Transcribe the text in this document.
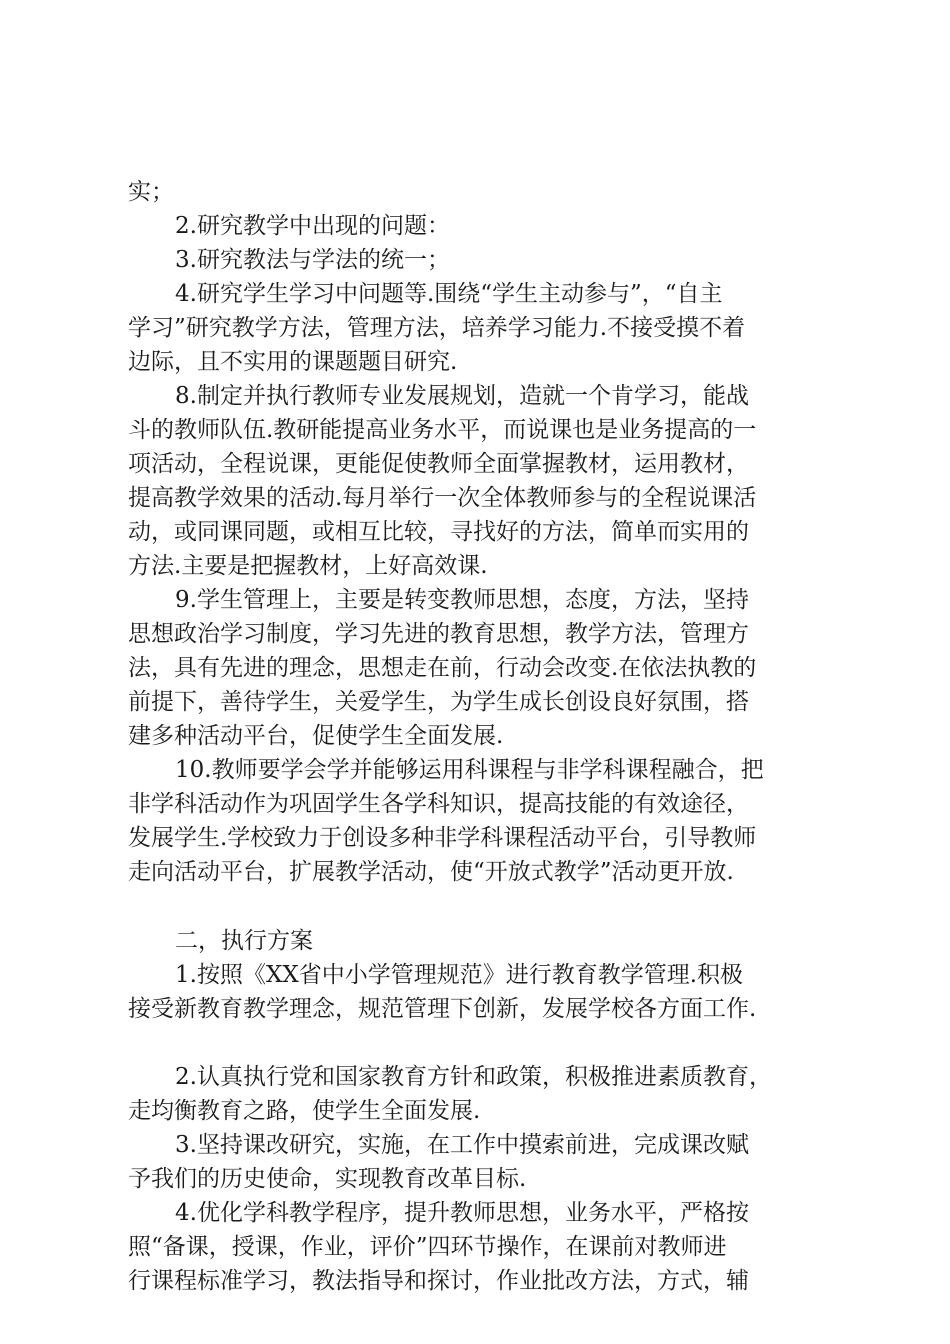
实；
2.研究教学中出现的问题：
3.研究教法与学法的统一；
4.研究学生学习中问题等.围绕“学生主动参与”，“自主
学习”研究教学方法，管理方法，培养学习能力.不接受摸不着
边际，且不实用的课题题目研究.
8.制定并执行教师专业发展规划，造就一个肯学习，能战
斗的教师队伍.教研能提高业务水平，而说课也是业务提高的一
项活动，全程说课，更能促使教师全面掌握教材，运用教材，
提高教学效果的活动.每月举行一次全体教师参与的全程说课活
动，或同课同题，或相互比较，寻找好的方法，简单而实用的
方法.主要是把握教材，上好高效课.
9.学生管理上，主要是转变教师思想，态度，方法，坚持
思想政治学习制度，学习先进的教育思想，教学方法，管理方
法，具有先进的理念，思想走在前，行动会改变.在依法执教的
前提下，善待学生，关爱学生，为学生成长创设良好氛围，搭
建多种活动平台，促使学生全面发展.
10.教师要学会学并能够运用科课程与非学科课程融合，把
非学科活动作为巩固学生各学科知识，提高技能的有效途径，
发展学生.学校致力于创设多种非学科课程活动平台，引导教师
走向活动平台，扩展教学活动，使“开放式教学”活动更开放.
二，执行方案
1.按照《XX省中小学管理规范》进行教育教学管理.积极
接受新教育教学理念，规范管理下创新，发展学校各方面工作.
2.认真执行党和国家教育方针和政策，积极推进素质教育，
走均衡教育之路，使学生全面发展.
3.坚持课改研究，实施，在工作中摸索前进，完成课改赋
予我们的历史使命，实现教育改革目标.
4.优化学科教学程序，提升教师思想，业务水平，严格按
照“备课，授课，作业，评价”四环节操作，在课前对教师进
行课程标准学习，教法指导和探讨，作业批改方法，方式，辅
